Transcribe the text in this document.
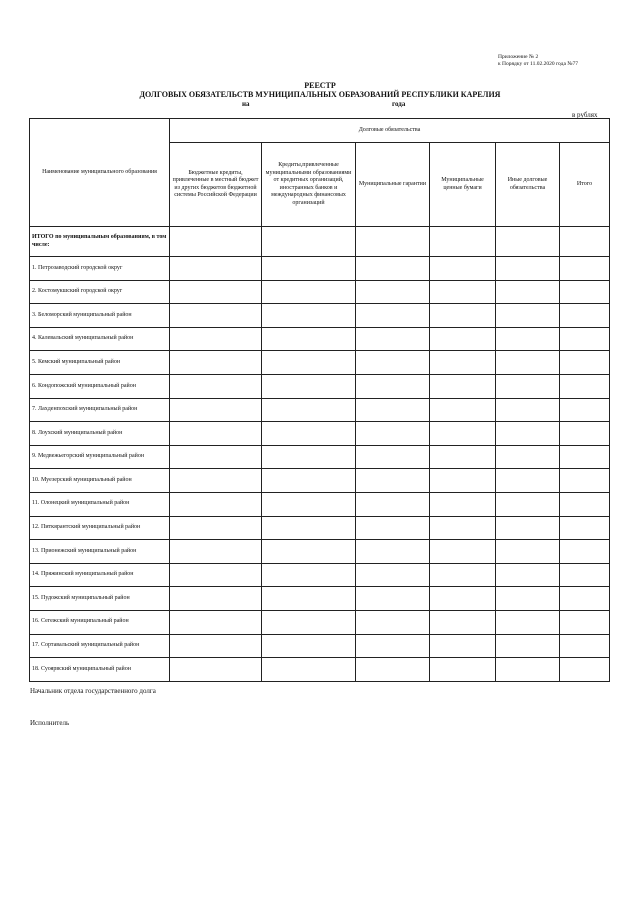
Приложение № 2
к Порядку от 11.02.2020 года №77
РЕЕСТР
ДОЛГОВЫХ ОБЯЗАТЕЛЬСТВ МУНИЦИПАЛЬНЫХ ОБРАЗОВАНИЙ РЕСПУБЛИКИ КАРЕЛИЯ
на	года
в рублях
Наименование муниципального образования	Долговые обязательства					
	Бюджетные кредиты, привлеченные в местный бюджет из других бюджетов бюджетной системы Российской Федерации	Кредиты,привлеченные муниципальными образованиями от кредитных организаций, иностранных банков и международных финансовых организаций	Муниципальные гарантии	Муниципальные ценные бумаги	Иные долговые обязательства	Итого
ИТОГО по муниципальным образованиям, в том числе:						
1. Петрозаводский городской округ						
2. Костомукшский городской округ						
3. Беломорский муниципальный район						
4. Калевальский муниципальный район						
5. Кемский муниципальный район						
6. Кондопожский муниципальный район						
7. Лахденпохский муниципальный район						
8. Лоухский муниципальный район						
9. Медвежьегорский муниципальный район						
10. Муезерский муниципальный район						
11. Олонецкий муниципальный район						
12. Питкярантский муниципальный район						
13. Прионежский муниципальный район						
14. Пряжинский муниципальный район						
15. Пудожский муниципальный район						
16. Сегежский муниципальный район						
17. Сортавальский муниципальный район						
18. Суоярвский муниципальный район						
Начальник отдела государственного долга
Исполнитель
